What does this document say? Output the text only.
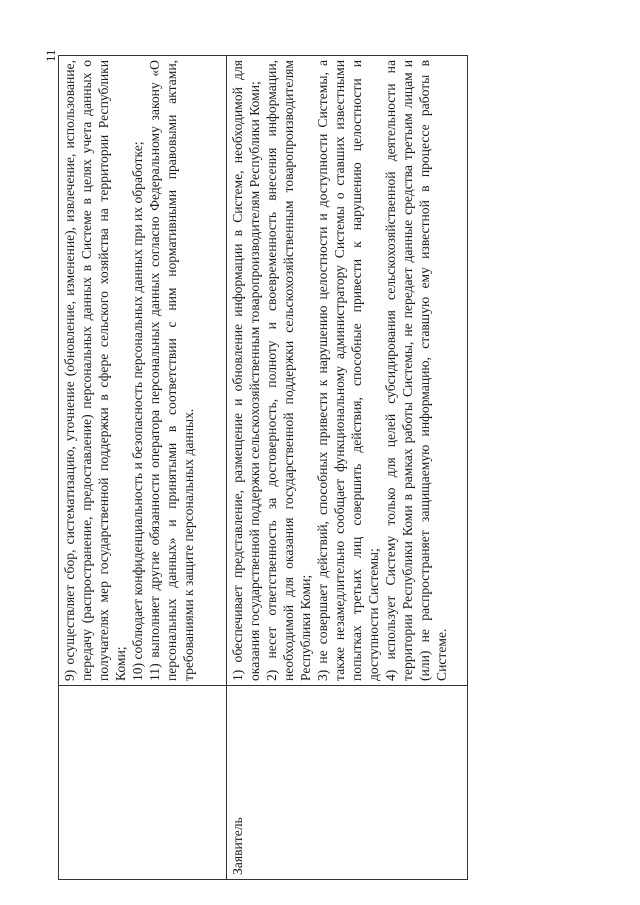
11

	9) осуществляет сбор, систематизацию, уточнение (обновление, изменение), извлечение, использование, передачу (распространение, предоставление) персональных данных в Системе в целях учета данных о получателях мер государственной поддержки в сфере сельского хозяйства на территории Республики Коми; 10) соблюдает конфиденциальность и безопасность персональных данных при их обработке; 11) выполняет другие обязанности оператора персональных данных согласно Федеральному закону «О персональных данных» и принятыми в соответствии с ним нормативными правовыми актами, требованиями к защите персональных данных.

Заявитель	1) обеспечивает представление, размещение и обновление информации в Системе, необходимой для оказания государственной поддержки сельскохозяйственным товаропроизводителям Республики Коми; 2) несет ответственность за достоверность, полноту и своевременность внесения информации, необходимой для оказания государственной поддержки сельскохозяйственным товаропроизводителям Республики Коми; 3) не совершает действий, способных привести к нарушению целостности и доступности Системы, а также незамедлительно сообщает функциональному администратору Системы о ставших известными попытках третьих лиц совершить действия, способные привести к нарушению целостности и доступности Системы; 4) использует Систему только для целей субсидирования сельскохозяйственной деятельности на территории Республики Коми в рамках работы Системы, не передает данные средства третьим лицам и (или) не распространяет защищаемую информацию, ставшую ему известной в процессе работы в Системе.
